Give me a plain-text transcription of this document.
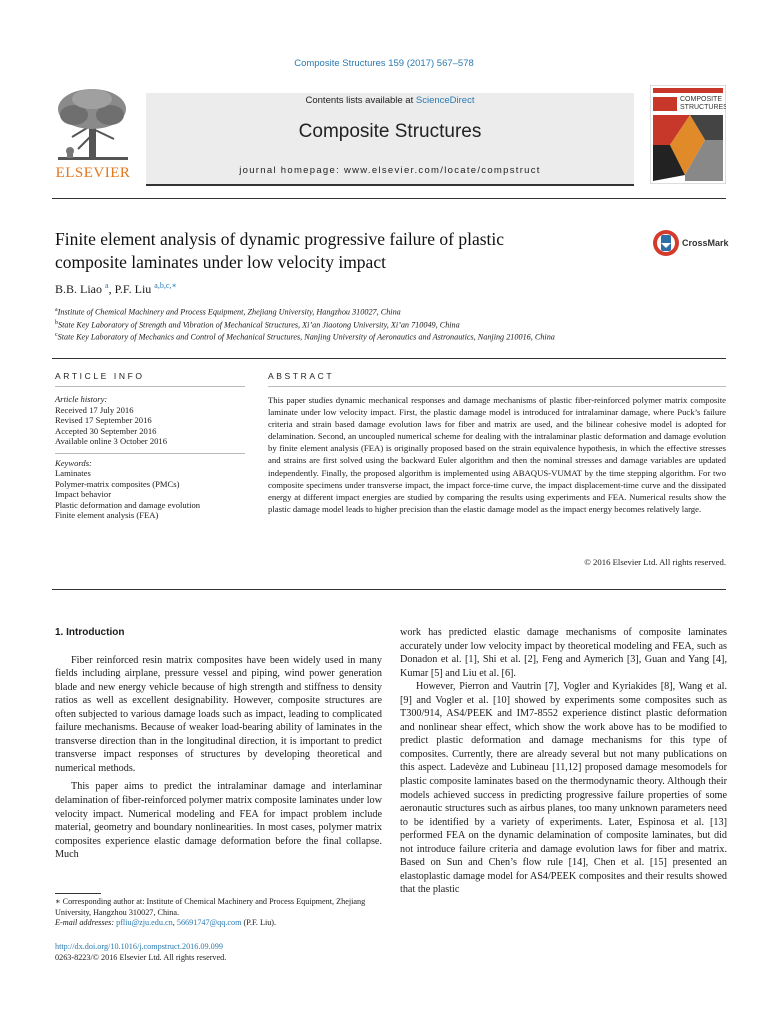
Composite Structures 159 (2017) 567–578
ELSEVIER
Contents lists available at ScienceDirect
Composite Structures
journal homepage: www.elsevier.com/locate/compstruct
COMPOSITE
STRUCTURES
Finite element analysis of dynamic progressive failure of plastic
composite laminates under low velocity impact
CrossMark
B.B. Liao $^a$, P.F. Liu $^{a,b,c,∗}$
$^a$Institute of Chemical Machinery and Process Equipment, Zhejiang University, Hangzhou 310027, China
$^b$State Key Laboratory of Strength and Vibration of Mechanical Structures, Xi’an Jiaotong University, Xi’an 710049, China
$^c$State Key Laboratory of Mechanics and Control of Mechanical Structures, Nanjing University of Aeronautics and Astronautics, Nanjing 210016, China
ARTICLE INFO	ABSTRACT
Article history:
Received 17 July 2016
Revised 17 September 2016
Accepted 30 September 2016
Available online 3 October 2016
Keywords:
Laminates
Polymer-matrix composites (PMCs)
Impact behavior
Plastic deformation and damage evolution
Finite element analysis (FEA)
This paper studies dynamic mechanical responses and damage mechanisms of plastic fiber-reinforced polymer matrix composite laminate under low velocity impact. First, the plastic damage model is introduced for intralaminar damage, where Puck’s failure criteria and strain based damage evolution laws for fiber and matrix are used, and the bilinear cohesive model is adopted for delamination. Second, an uncoupled numerical scheme for dealing with the intralaminar plastic deformation and damage evolution by finite element analysis (FEA) is originally proposed based on the strain equivalence hypothesis, in which the effective stresses and strains are first solved using the backward Euler algorithm and then the nominal stresses and damage variables are updated independently. Finally, the proposed algorithm is implemented using ABAQUS-VUMAT by the time stepping algorithm. For two composite specimens under transverse impact, the impact force-time curve, the impact displacement-time curve and the dissipated energy at different impact energies are studied by comparing the results using experiments and FEA. Numerical results show the plastic damage model leads to higher precision than the elastic damage model as the impact energy becomes relatively large.
© 2016 Elsevier Ltd. All rights reserved.
1. Introduction

Fiber reinforced resin matrix composites have been widely used in many fields including airplane, pressure vessel and piping, wind power generation blade and new energy vehicle because of high strength and stiffness to density ratios as well as excellent designability. However, composite structures are often subjected to various damage loads such as impact, leading to complicated failure mechanisms. Because of weaker load-bearing ability of laminates in the transverse direction than in the longitudinal direction, it is important to predict transverse impact responses of structures by developing theoretical and numerical methods.

This paper aims to predict the intralaminar damage and interlaminar delamination of fiber-reinforced polymer matrix composite laminates under low velocity impact. Numerical modeling and FEA for impact problem include material, geometry and boundary nonlinearities. In most cases, polymer matrix composites experience elastic damage deformation before the final collapse. Much

work has predicted elastic damage mechanisms of composite laminates accurately under low velocity impact by theoretical modeling and FEA, such as Donadon et al. [1], Shi et al. [2], Feng and Aymerich [3], Guan and Yang [4], Kumar [5] and Liu et al. [6].

However, Pierron and Vautrin [7], Vogler and Kyriakides [8], Wang et al. [9] and Vogler et al. [10] showed by experiments some composites such as T300/914, AS4/PEEK and IM7-8552 experience distinct plastic deformation and nonlinear shear effect, which show the work above has to be modified to predict plastic deformation and damage mechanisms for this type of composites. Currently, there are already several but not many publications on this aspect. Ladevèze and Lubineau [11,12] proposed damage mesomodels for plastic composite laminates based on the thermodynamic theory. Although their models achieved success in predicting progressive failure properties of some aeronautic structures such as airbus planes, too many unknown parameters need to be identified by a variety of experiments. Later, Espinosa et al. [13] performed FEA on the dynamic delamination of composite laminates, but did not introduce failure criteria and damage evolution laws for fiber and matrix. Based on Sun and Chen’s flow rule [14], Chen et al. [15] presented an elastoplastic damage model for AS4/PEEK composites and their results showed that the plastic

∗ Corresponding author at: Institute of Chemical Machinery and Process Equipment, Zhejiang University, Hangzhou 310027, China.
E-mail addresses: pfliu@zju.edu.cn, 56691747@qq.com (P.F. Liu).
http://dx.doi.org/10.1016/j.compstruct.2016.09.099
0263-8223/© 2016 Elsevier Ltd. All rights reserved.
